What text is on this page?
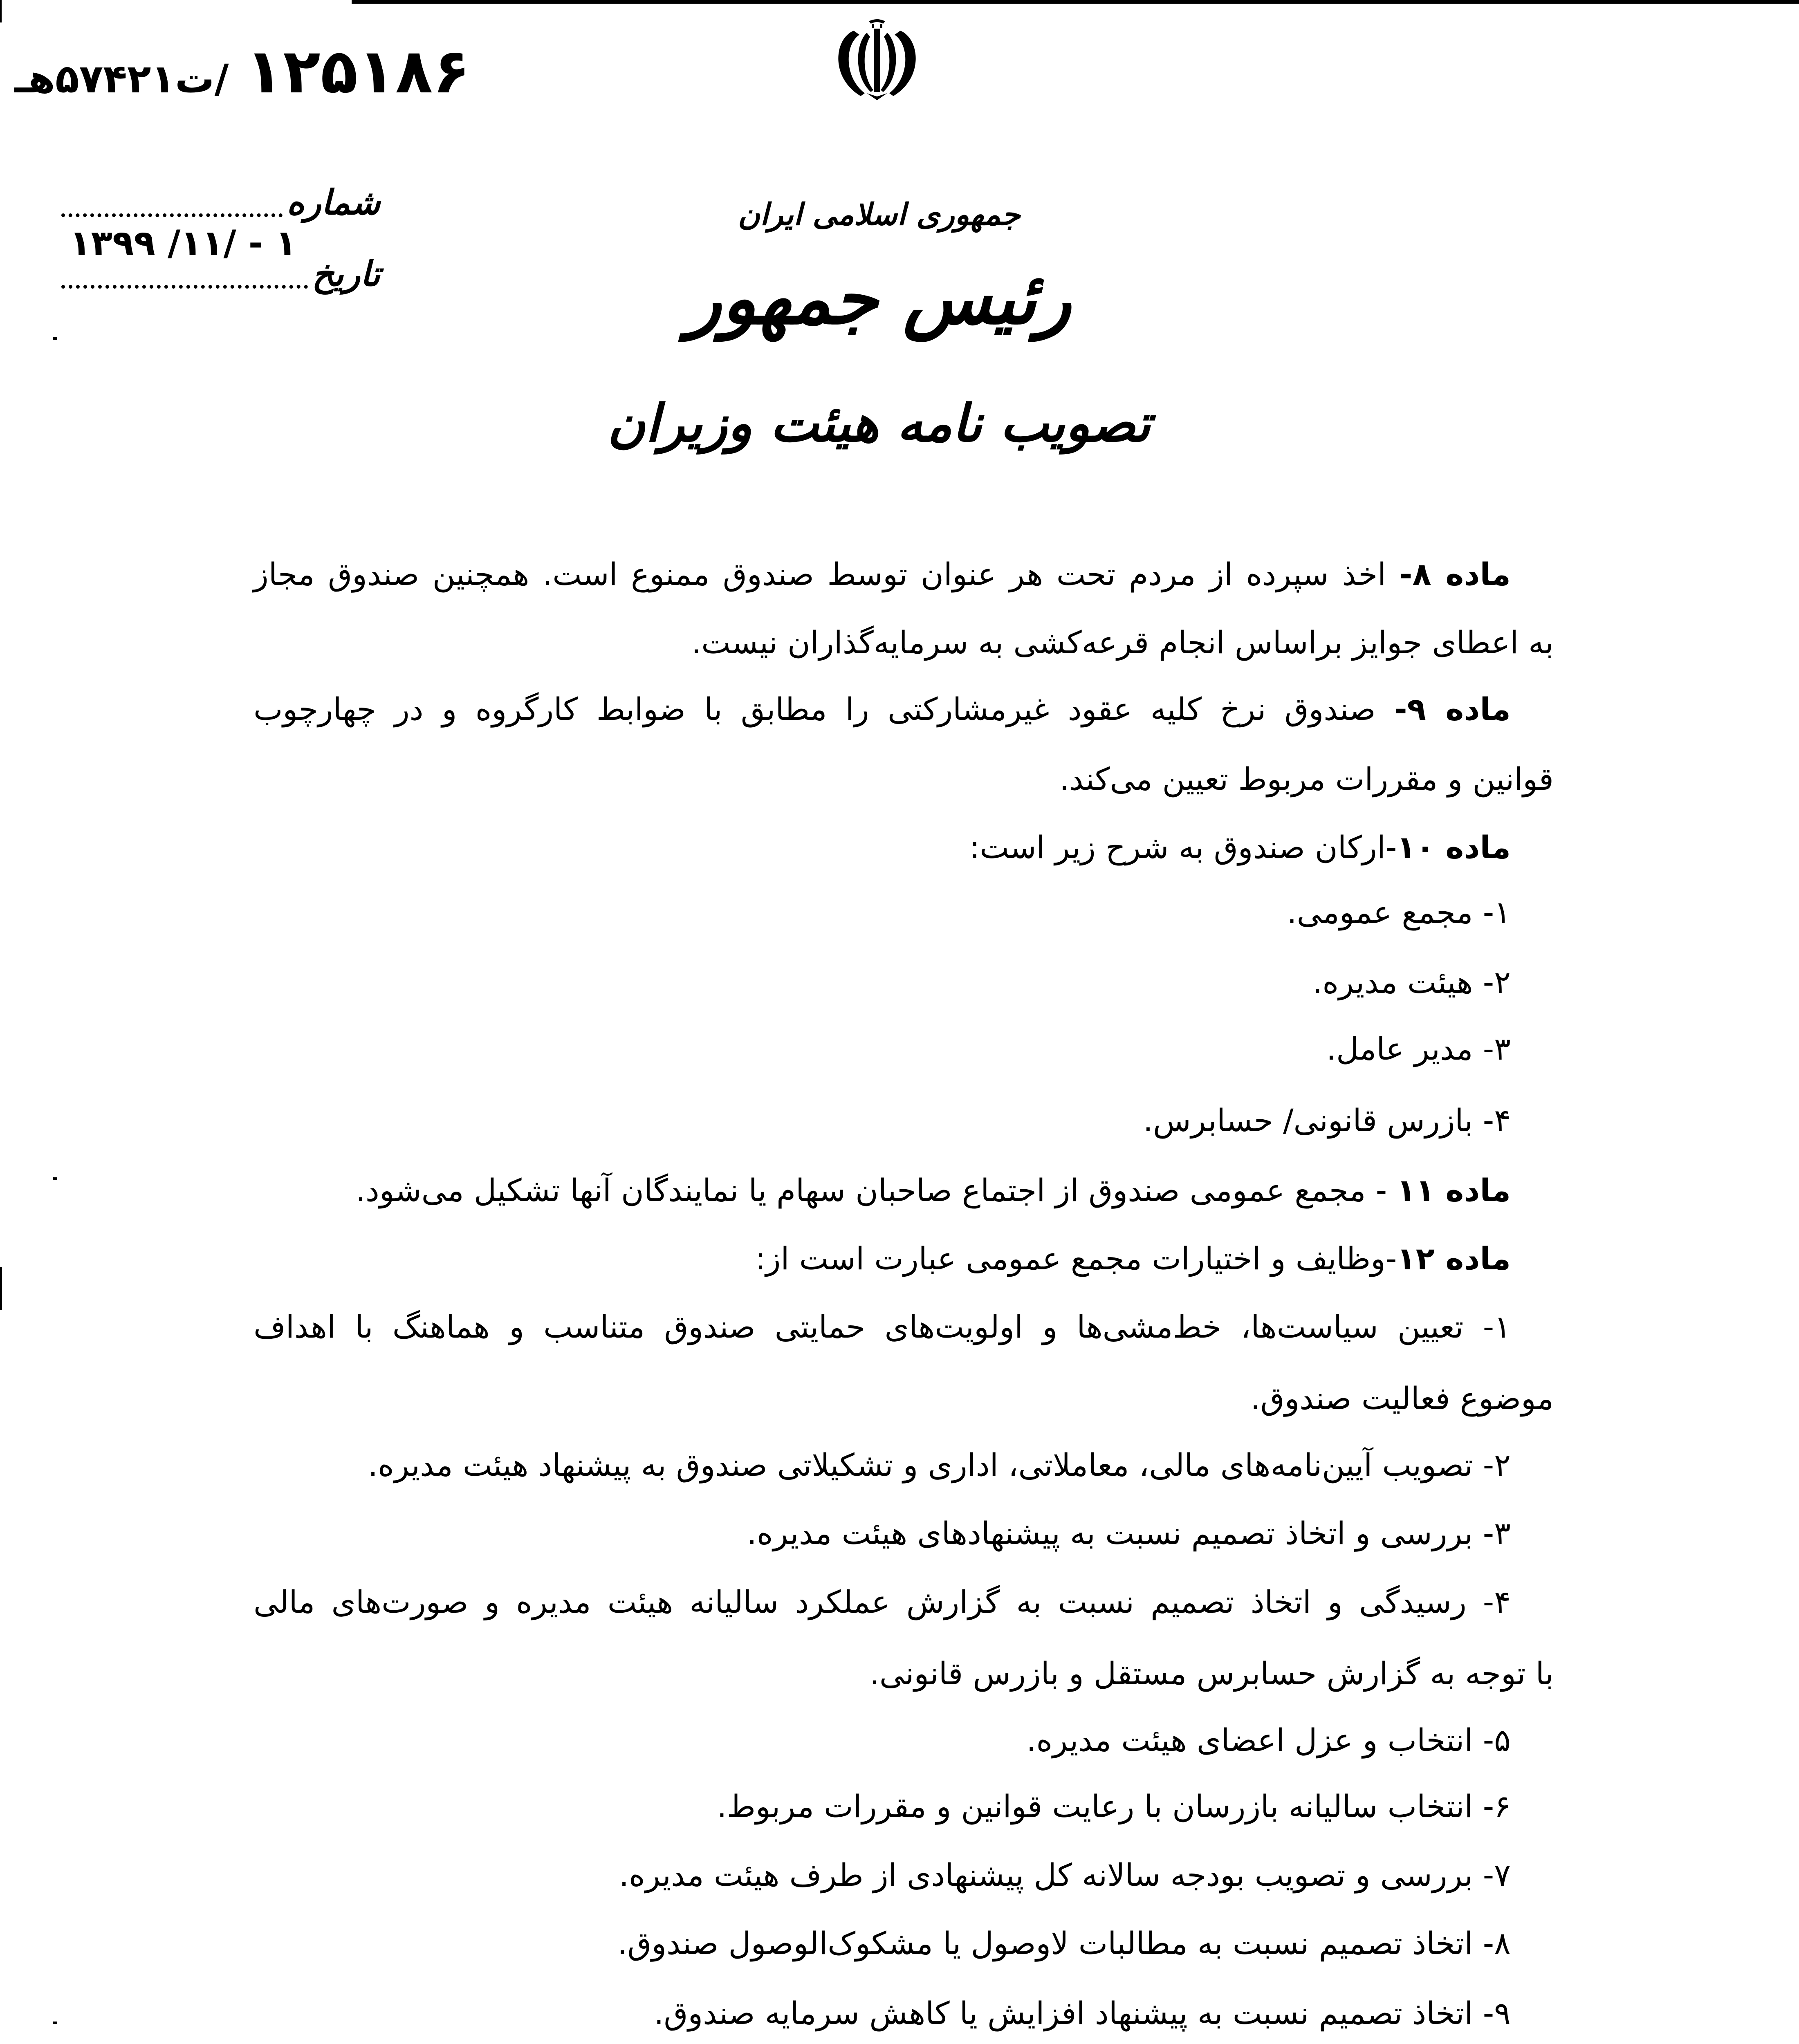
۱۲۵۱۸۶ /ت۵۷۴۲۱هـ
شماره
۱ - /۱۱/ ۱۳۹۹
تاریخ
جمهوری اسلامی ایران
رئیس جمهور
تصویب نامه هیئت وزیران
ماده ۸- اخذ سپرده از مردم تحت هر عنوان توسط صندوق ممنوع است. همچنین صندوق مجاز
به اعطای جوایز براساس انجام قرعه‌کشی به سرمایه‌گذاران نیست.
ماده ۹- صندوق نرخ کلیه عقود غیرمشارکتی را مطابق با ضوابط کارگروه و در چهارچوب
قوانین و مقررات مربوط تعیین می‌کند.
ماده ۱۰-ارکان صندوق به شرح زیر است:
۱- مجمع عمومی.
۲- هیئت مدیره.
۳- مدیر عامل.
۴- بازرس قانونی/ حسابرس.
ماده ۱۱ - مجمع عمومی صندوق از اجتماع صاحبان سهام یا نمایندگان آنها تشکیل می‌شود.
ماده ۱۲-وظایف و اختیارات مجمع عمومی عبارت است از:
۱- تعیین سیاست‌ها، خط‌مشی‌ها و اولویت‌های حمایتی صندوق متناسب و هماهنگ با اهداف
موضوع فعالیت صندوق.
۲- تصویب آیین‌نامه‌های مالی، معاملاتی، اداری و تشکیلاتی صندوق به پیشنهاد هیئت مدیره.
۳- بررسی و اتخاذ تصمیم نسبت به پیشنهادهای هیئت مدیره.
۴- رسیدگی و اتخاذ تصمیم نسبت به گزارش عملکرد سالیانه هیئت مدیره و صورت‌های مالی
با توجه به گزارش حسابرس مستقل و بازرس قانونی.
۵- انتخاب و عزل اعضای هیئت مدیره.
۶- انتخاب سالیانه بازرسان با رعایت قوانین و مقررات مربوط.
۷- بررسی و تصویب بودجه سالانه کل پیشنهادی از طرف هیئت مدیره.
۸- اتخاذ تصمیم نسبت به مطالبات لاوصول یا مشکوک‌الوصول صندوق.
۹- اتخاذ تصمیم نسبت به پیشنهاد افزایش یا کاهش سرمایه صندوق.
